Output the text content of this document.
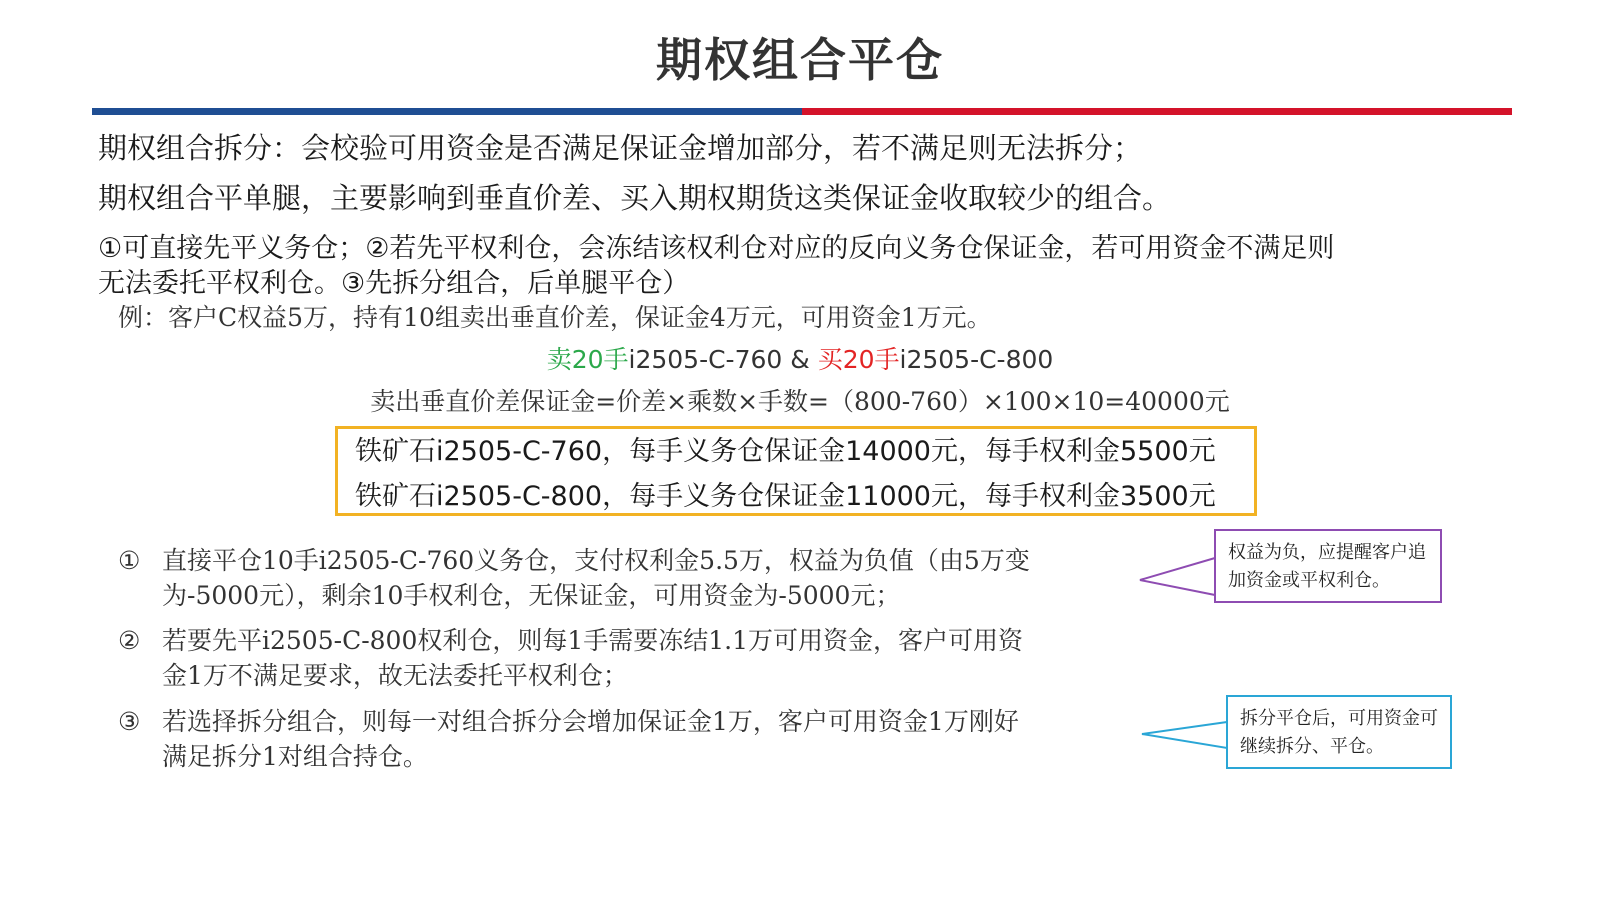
期权组合平仓
期权组合拆分：会校验可用资金是否满足保证金增加部分，若不满足则无法拆分；
期权组合平单腿，主要影响到垂直价差、买入期权期货这类保证金收取较少的组合。
①可直接先平义务仓；②若先平权利仓，会冻结该权利仓对应的反向义务仓保证金，若可用资金不满足则
无法委托平权利仓。③先拆分组合，后单腿平仓）
例：客户C权益5万，持有10组卖出垂直价差，保证金4万元，可用资金1万元。
卖20手i2505-C-760 & 买20手i2505-C-800
卖出垂直价差保证金=价差×乘数×手数=（800-760）×100×10=40000元
铁矿石i2505-C-760，每手义务仓保证金14000元，每手权利金5500元
铁矿石i2505-C-800，每手义务仓保证金11000元，每手权利金3500元
① 直接平仓10手i2505-C-760义务仓，支付权利金5.5万，权益为负值（由5万变
为-5000元），剩余10手权利仓，无保证金，可用资金为-5000元；
② 若要先平i2505-C-800权利仓，则每1手需要冻结1.1万可用资金，客户可用资
金1万不满足要求，故无法委托平权利仓；
③ 若选择拆分组合，则每一对组合拆分会增加保证金1万，客户可用资金1万刚好
满足拆分1对组合持仓。
权益为负，应提醒客户追加资金或平权利仓。
拆分平仓后，可用资金可继续拆分、平仓。
